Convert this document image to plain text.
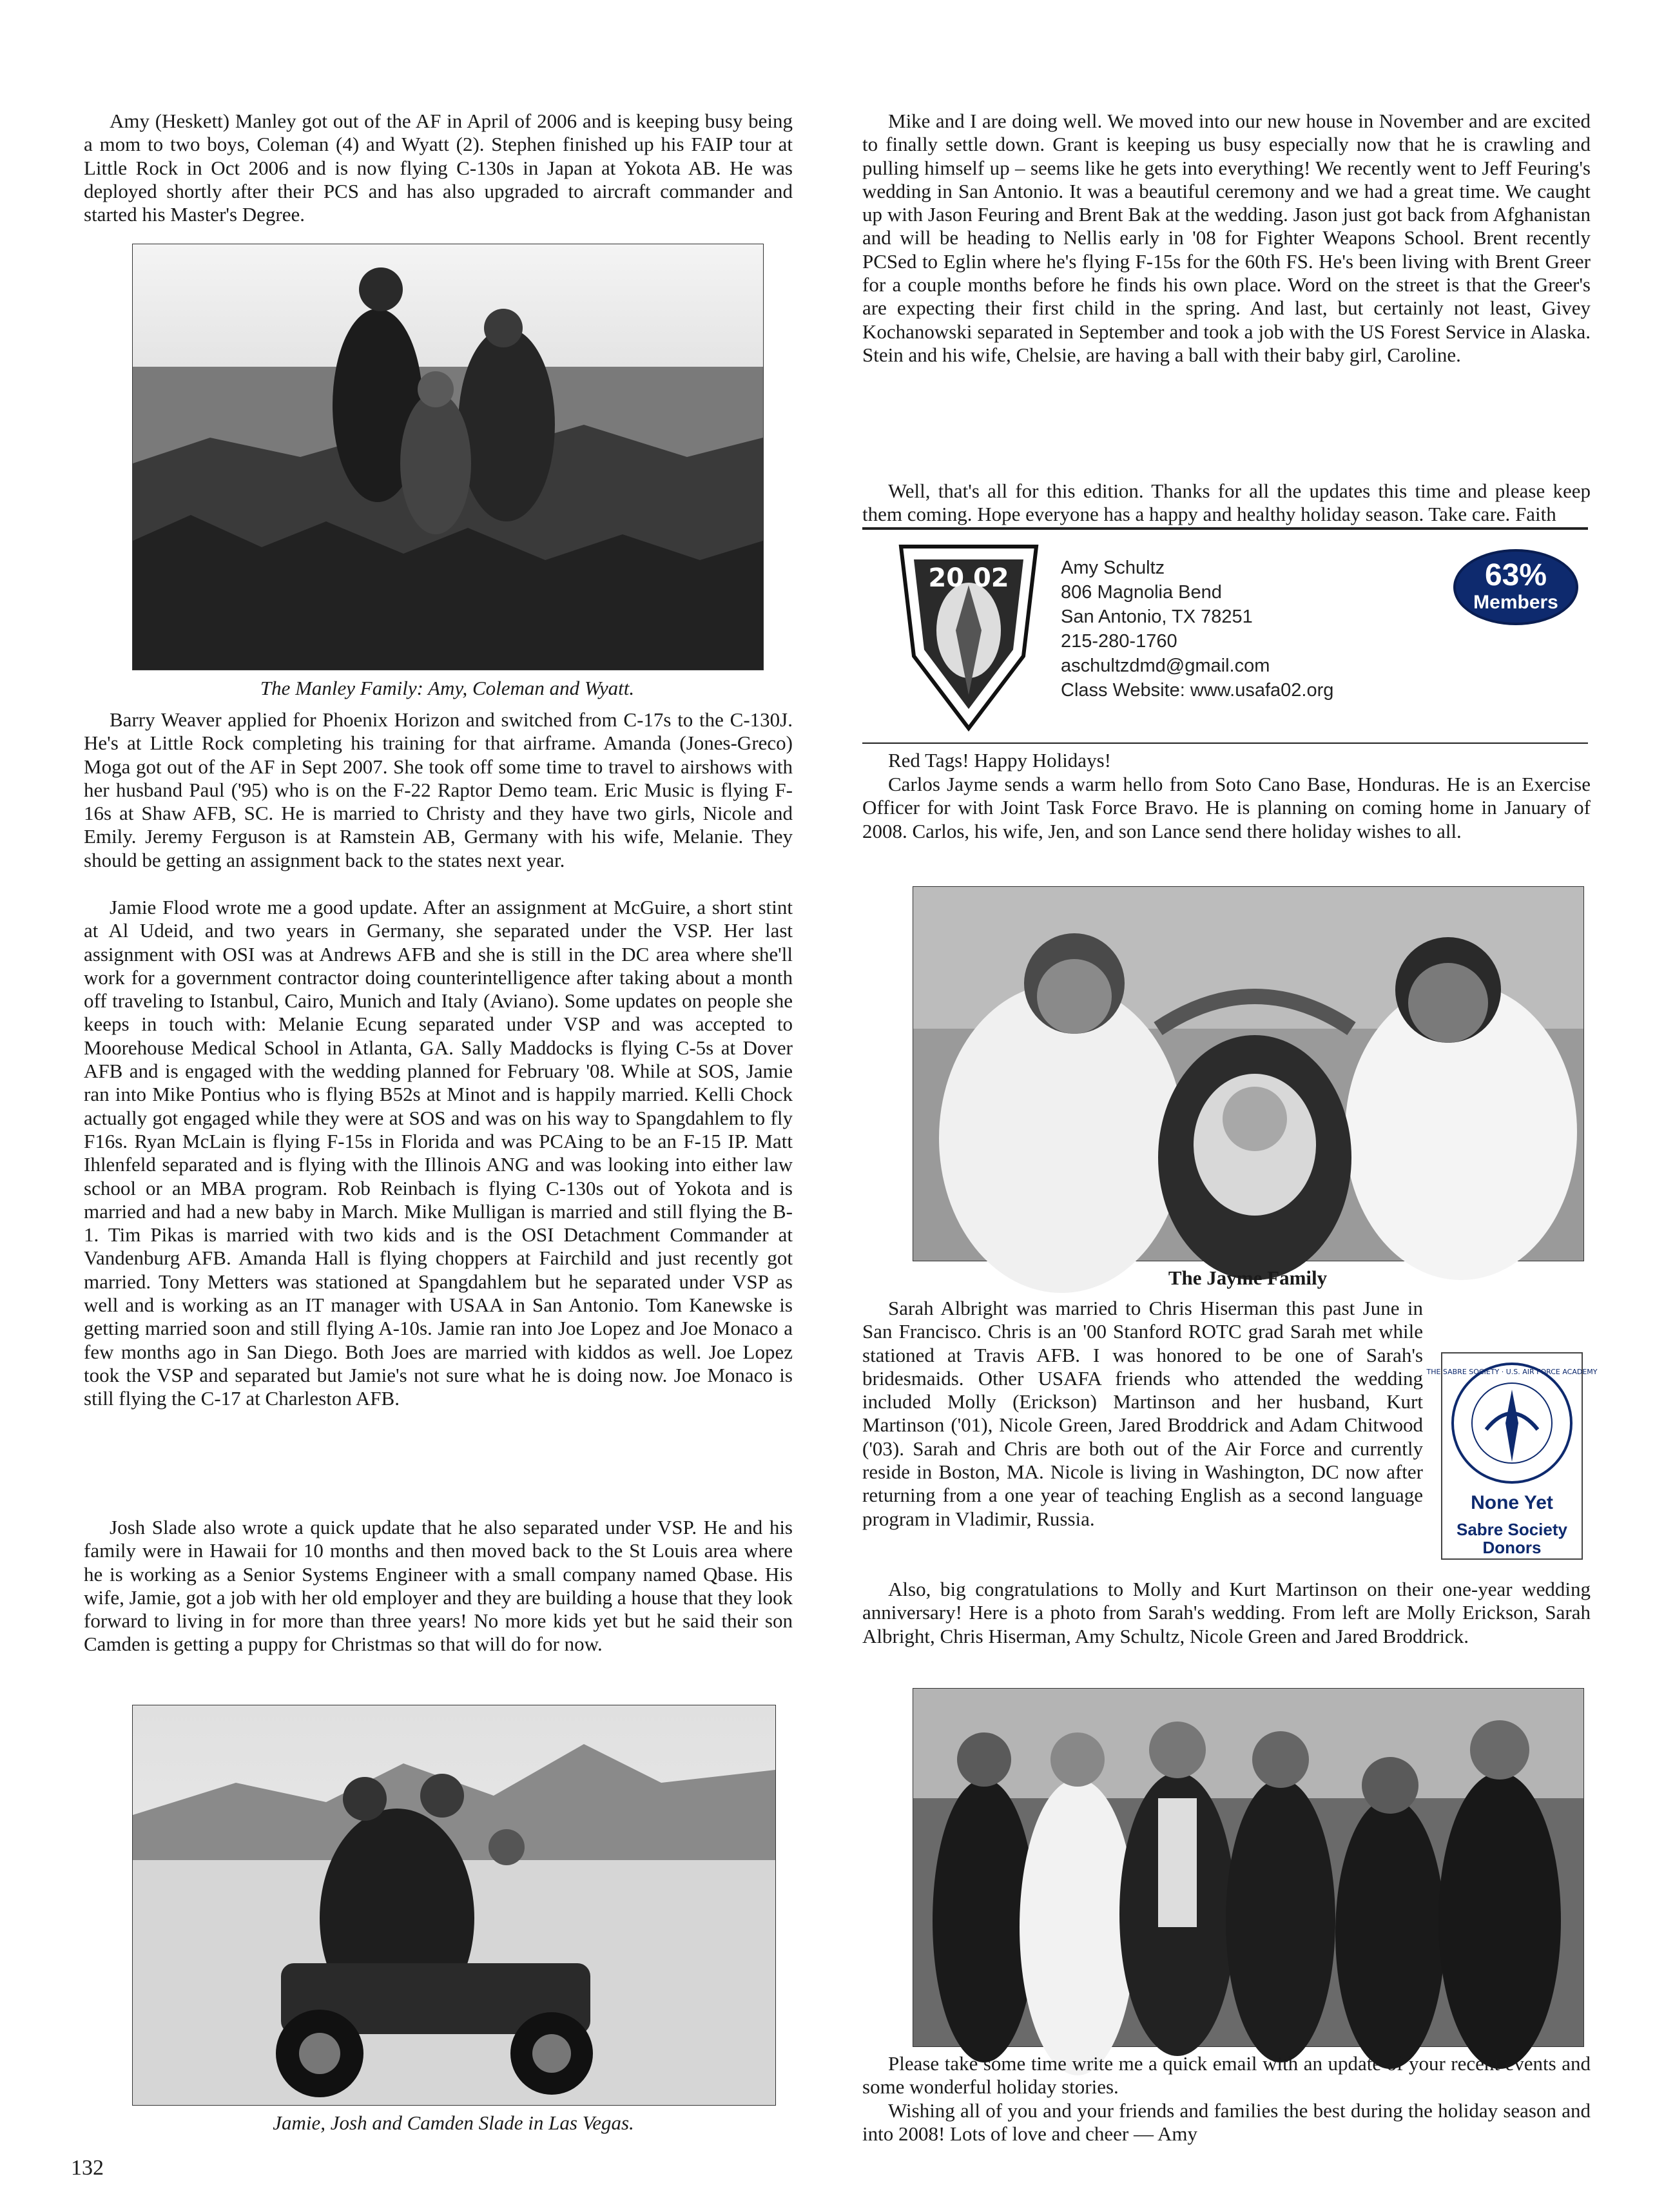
Amy (Heskett) Manley got out of the AF in April of 2006 and is keeping busy being a mom to two boys, Coleman (4) and Wyatt (2). Stephen finished up his FAIP tour at Little Rock in Oct 2006 and is now flying C-130s in Japan at Yokota AB. He was deployed shortly after their PCS and has also upgraded to aircraft commander and started his Master's Degree.

The Manley Family: Amy, Coleman and Wyatt.

Barry Weaver applied for Phoenix Horizon and switched from C-17s to the C-130J. He's at Little Rock completing his training for that airframe. Amanda (Jones-Greco) Moga got out of the AF in Sept 2007. She took off some time to travel to airshows with her husband Paul ('95) who is on the F-22 Raptor Demo team. Eric Music is flying F-16s at Shaw AFB, SC. He is married to Christy and they have two girls, Nicole and Emily. Jeremy Ferguson is at Ramstein AB, Germany with his wife, Melanie. They should be getting an assignment back to the states next year.

Jamie Flood wrote me a good update. After an assignment at McGuire, a short stint at Al Udeid, and two years in Germany, she separated under the VSP. Her last assignment with OSI was at Andrews AFB and she is still in the DC area where she'll work for a government contractor doing counterintelligence after taking about a month off traveling to Istanbul, Cairo, Munich and Italy (Aviano). Some updates on people she keeps in touch with: Melanie Ecung separated under VSP and was accepted to Moorehouse Medical School in Atlanta, GA. Sally Maddocks is flying C-5s at Dover AFB and is engaged with the wedding planned for February '08. While at SOS, Jamie ran into Mike Pontius who is flying B52s at Minot and is happily married. Kelli Chock actually got engaged while they were at SOS and was on his way to Spangdahlem to fly F16s. Ryan McLain is flying F-15s in Florida and was PCAing to be an F-15 IP. Matt Ihlenfeld separated and is flying with the Illinois ANG and was looking into either law school or an MBA program. Rob Reinbach is flying C-130s out of Yokota and is married and had a new baby in March. Mike Mulligan is married and still flying the B-1. Tim Pikas is married with two kids and is the OSI Detachment Commander at Vandenburg AFB. Amanda Hall is flying choppers at Fairchild and just recently got married. Tony Metters was stationed at Spangdahlem but he separated under VSP as well and is working as an IT manager with USAA in San Antonio. Tom Kanewske is getting married soon and still flying A-10s. Jamie ran into Joe Lopez and Joe Monaco a few months ago in San Diego. Both Joes are married with kiddos as well. Joe Lopez took the VSP and separated but Jamie's not sure what he is doing now. Joe Monaco is still flying the C-17 at Charleston AFB.

Josh Slade also wrote a quick update that he also separated under VSP. He and his family were in Hawaii for 10 months and then moved back to the St Louis area where he is working as a Senior Systems Engineer with a small company named Qbase. His wife, Jamie, got a job with her old employer and they are building a house that they look forward to living in for more than three years! No more kids yet but he said their son Camden is getting a puppy for Christmas so that will do for now.

Jamie, Josh and Camden Slade in Las Vegas.
132

Mike and I are doing well. We moved into our new house in November and are excited to finally settle down. Grant is keeping us busy especially now that he is crawling and pulling himself up – seems like he gets into everything! We recently went to Jeff Feuring's wedding in San Antonio. It was a beautiful ceremony and we had a great time. We caught up with Jason Feuring and Brent Bak at the wedding. Jason just got back from Afghanistan and will be heading to Nellis early in '08 for Fighter Weapons School. Brent recently PCSed to Eglin where he's flying F-15s for the 60th FS. He's been living with Brent Greer for a couple months before he finds his own place. Word on the street is that the Greer's are expecting their first child in the spring. And last, but certainly not least, Givey Kochanowski separated in September and took a job with the US Forest Service in Alaska. Stein and his wife, Chelsie, are having a ball with their baby girl, Caroline.

Well, that's all for this edition. Thanks for all the updates this time and please keep them coming. Hope everyone has a happy and healthy holiday season. Take care. Faith

20 02	Amy Schultz
806 Magnolia Bend
San Antonio, TX 78251
215-280-1760
aschultzdmd@gmail.com
Class Website: www.usafa02.org
63%
Members

Red Tags! Happy Holidays!

Carlos Jayme sends a warm hello from Soto Cano Base, Honduras. He is an Exercise Officer for with Joint Task Force Bravo. He is planning on coming home in January of 2008. Carlos, his wife, Jen, and son Lance send there holiday wishes to all.

The Jayme Family

Sarah Albright was married to Chris Hiserman this past June in San Francisco. Chris is an '00 Stanford ROTC grad Sarah met while stationed at Travis AFB. I was honored to be one of Sarah's bridesmaids. Other USAFA friends who attended the wedding included Molly (Erickson) Martinson and her husband, Kurt Martinson ('01), Nicole Green, Jared Broddrick and Adam Chitwood ('03). Sarah and Chris are both out of the Air Force and currently reside in Boston, MA. Nicole is living in Washington, DC now after returning from a one year of teaching English as a second language program in Vladimir, Russia.

THE SABRE SOCIETY · U.S. AIR FORCE ACADEMY
None Yet
Sabre Society
Donors

Also, big congratulations to Molly and Kurt Martinson on their one-year wedding anniversary! Here is a photo from Sarah's wedding. From left are Molly Erickson, Sarah Albright, Chris Hiserman, Amy Schultz, Nicole Green and Jared Broddrick.

Please take some time write me a quick email with an update of your recent events and some wonderful holiday stories.

Wishing all of you and your friends and families the best during the holiday season and into 2008! Lots of love and cheer — Amy
